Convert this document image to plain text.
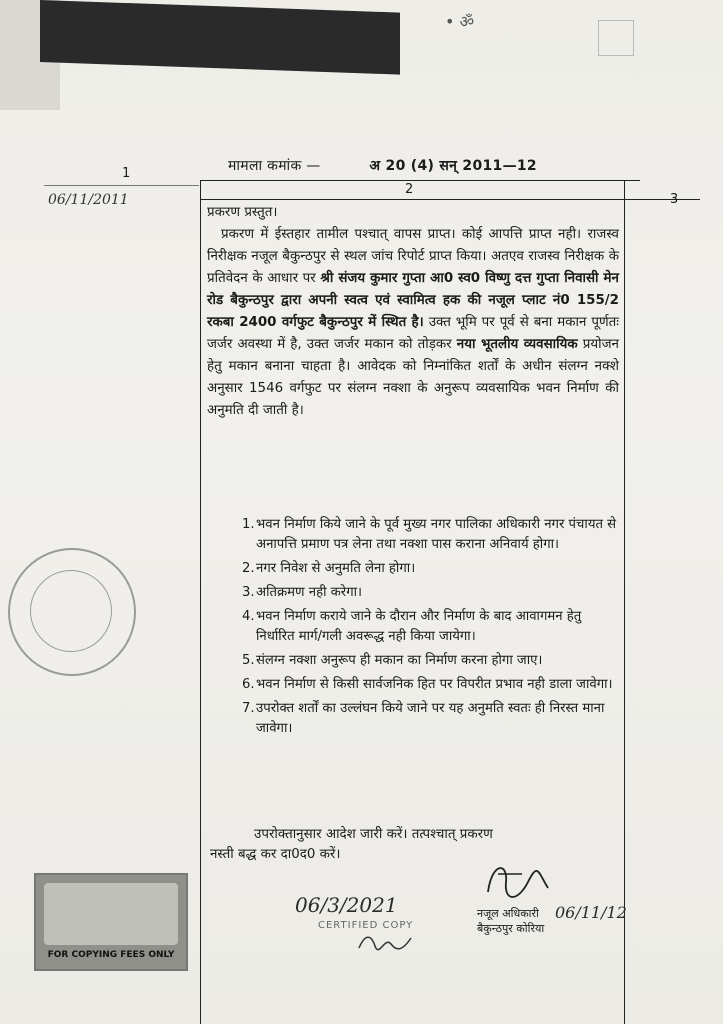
• ॐ
मामला कमांक —	अ 20 (4) सन् 2011—12
1
2
3
06/11/2011

प्रकरण प्रस्तुत।

प्रकरण में ईस्तहार तामील पश्चात् वापस प्राप्त। कोई आपत्ति प्राप्त नही। राजस्व निरीक्षक नजूल बैकुन्ठपुर से स्थल जांच रिपोर्ट प्राप्त किया। अतएव राजस्व निरीक्षक के प्रतिवेदन के आधार पर श्री संजय कुमार गुप्ता आ0 स्व0 विष्णु दत्त गुप्ता निवासी मेन रोड बैकुन्ठपुर द्वारा अपनी स्वत्व एवं स्वामित्व हक की नजूल प्लाट नं0 155/2 रकबा 2400 वर्गफुट बैकुन्ठपुर में स्थित है। उक्त भूमि पर पूर्व से बना मकान पूर्णतः जर्जर अवस्था में है, उक्त जर्जर मकान को तोड़कर नया भूतलीय व्यवसायिक प्रयोजन हेतु मकान बनाना चाहता है। आवेदक को निम्नांकित शर्तों के अधीन संलग्न नक्शे अनुसार 1546 वर्गफुट पर संलग्न नक्शा के अनुरूप व्यवसायिक भवन निर्माण की अनुमति दी जाती है।

1. भवन निर्माण किये जाने के पूर्व मुख्य नगर पालिका अधिकारी नगर पंचायत से अनापत्ति प्रमाण पत्र लेना तथा नक्शा पास कराना अनिवार्य होगा।
2. नगर निवेश से अनुमति लेना होगा।
3. अतिक्रमण नही करेगा।
4. भवन निर्माण कराये जाने के दौरान और निर्माण के बाद आवागमन हेतु निर्धारित मार्ग/गली अवरूद्ध नही किया जायेगा।
5. संलग्न नक्शा अनुरूप ही मकान का निर्माण करना होगा जाए।
6. भवन निर्माण से किसी सार्वजनिक हित पर विपरीत प्रभाव नही डाला जावेगा।
7. उपरोक्त शर्तों का उल्लंघन किये जाने पर यह अनुमति स्वतः ही निरस्त माना जावेगा।
उपरोक्तानुसार आदेश जारी करें। तत्पश्चात् प्रकरण
नस्ती बद्ध कर दा0द0 करें।
FOR COPYING FEES ONLY
06/3/2021
CERTIFIED COPY
नजूल अधिकारी
बैकुन्ठपुर कोरिया
06/11/12
